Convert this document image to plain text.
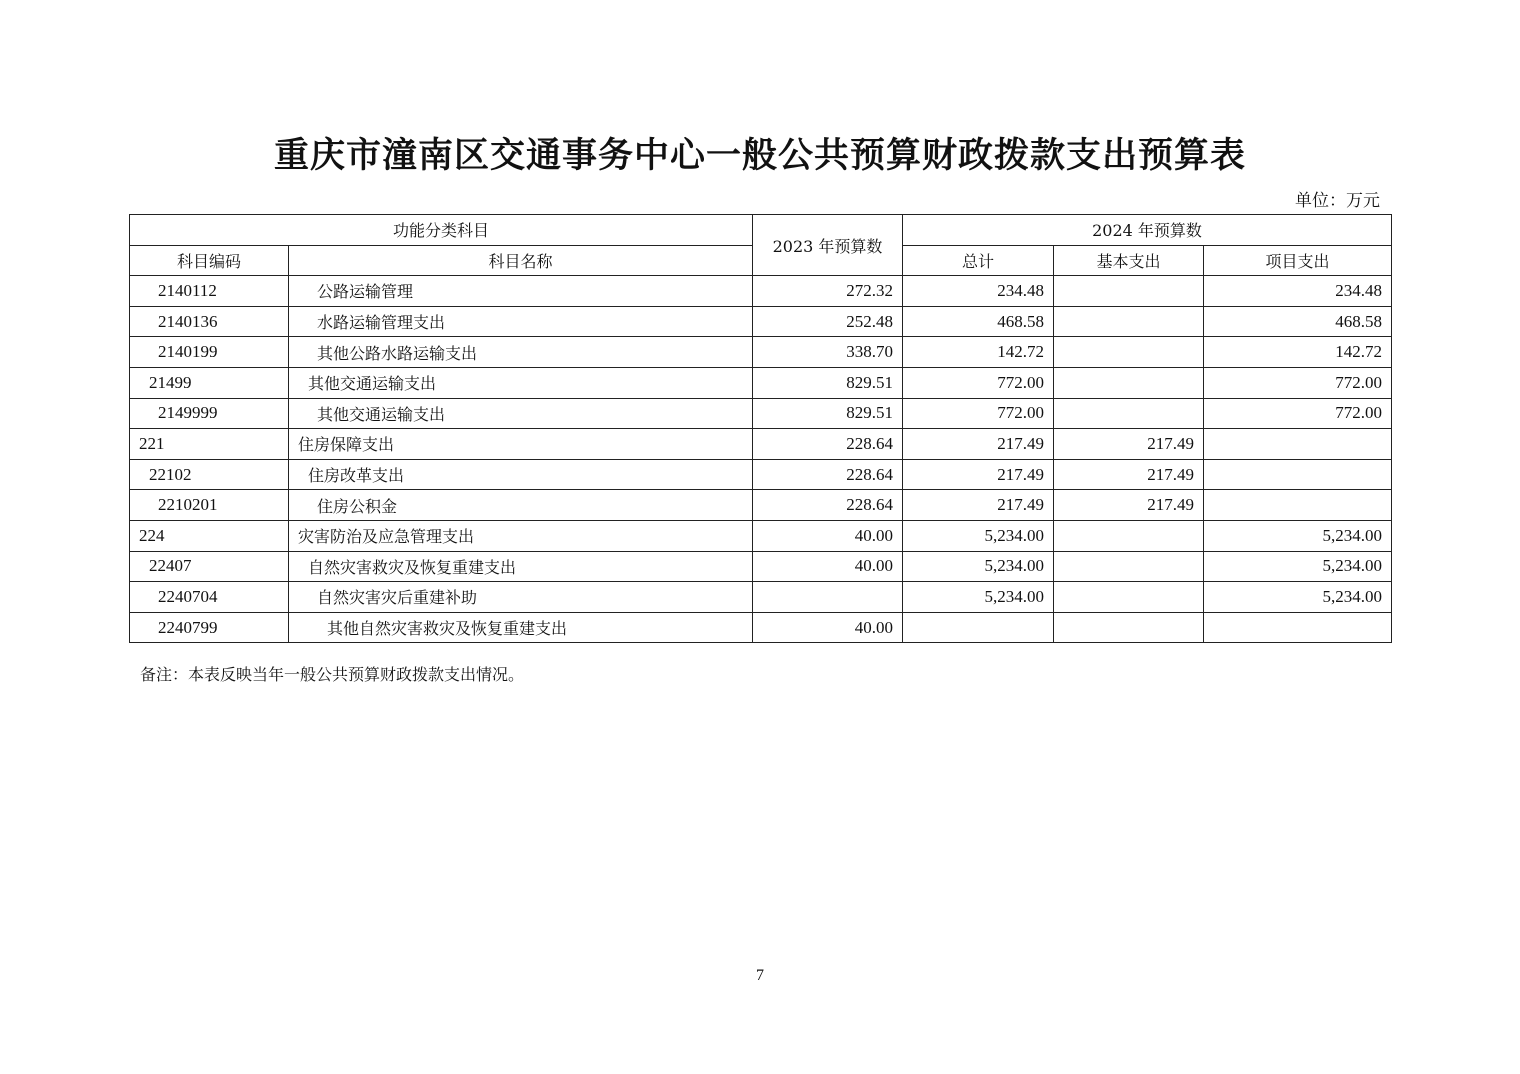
重庆市潼南区交通事务中心一般公共预算财政拨款支出预算表
单位：万元
功能分类科目		2023 年预算数	2024 年预算数		
科目编码	科目名称		总计	基本支出	项目支出
2140112	公路运输管理	272.32	234.48		234.48
2140136	水路运输管理支出	252.48	468.58		468.58
2140199	其他公路水路运输支出	338.70	142.72		142.72
21499	其他交通运输支出	829.51	772.00		772.00
2149999	其他交通运输支出	829.51	772.00		772.00
221	住房保障支出	228.64	217.49	217.49	
22102	住房改革支出	228.64	217.49	217.49	
2210201	住房公积金	228.64	217.49	217.49	
224	灾害防治及应急管理支出	40.00	5,234.00		5,234.00
22407	自然灾害救灾及恢复重建支出	40.00	5,234.00		5,234.00
2240704	自然灾害灾后重建补助		5,234.00		5,234.00
2240799	其他自然灾害救灾及恢复重建支出	40.00			
备注：本表反映当年一般公共预算财政拨款支出情况。
7
